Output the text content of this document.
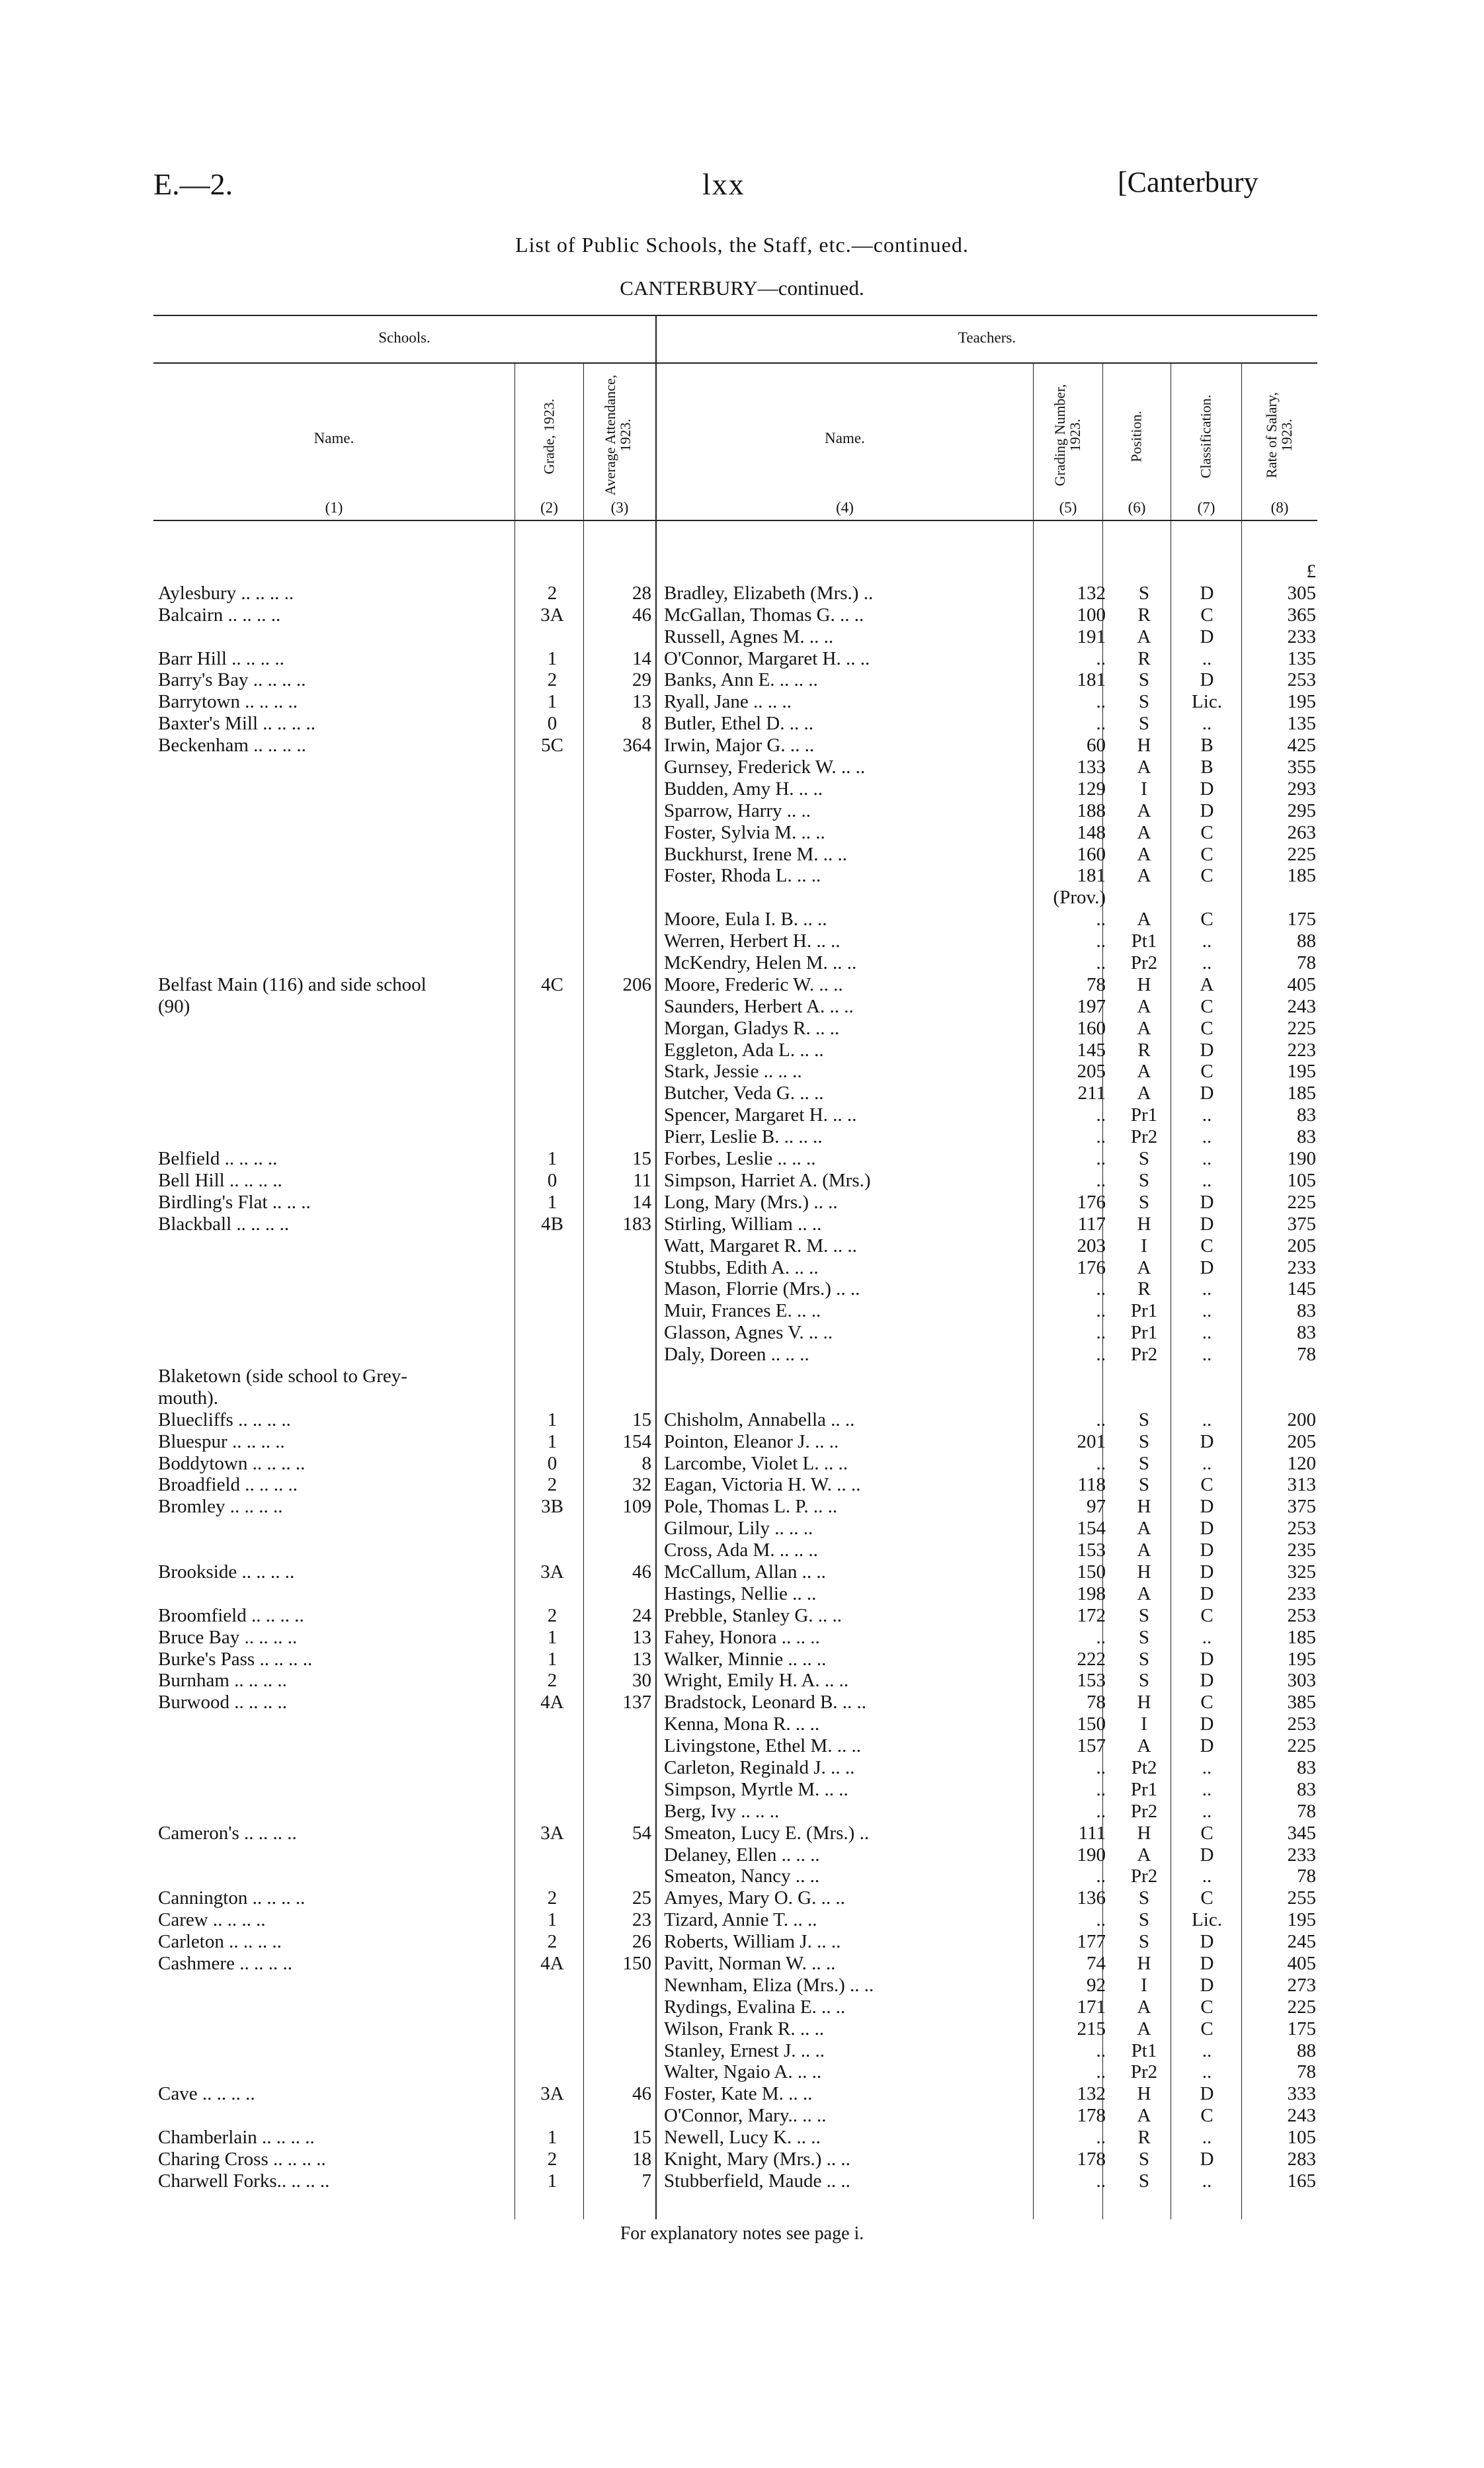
E.—2.	lxx	[Canterbury
List of Public Schools, the Staff, etc.—continued.
CANTERBURY—continued.
Schools.	Teachers.
Name.	Grade, 1923.	Average Attendance, 1923.	Name.	Grading Number, 1923.	Position.	Classification.	Rate of Salary, 1923.
(1)	(2)	(3)	(4)	(5)	(6)	(7)	(8)
£
Aylesbury .. .. .. ..	2	28 Bradley, Elizabeth (Mrs.) ..	132	S	D	305
Balcairn .. .. .. ..	3A	46 McGallan, Thomas G. .. ..	100	R	C	365
Russell, Agnes M. .. ..	191	A	D	233
Barr Hill .. .. .. ..	1	14 O'Connor, Margaret H. .. ..	..	R	..	135
Barry's Bay .. .. .. ..	2	29 Banks, Ann E. .. .. ..	181	S	D	253
Barrytown .. .. .. ..	1	13 Ryall, Jane .. .. ..	..	S	Lic.	195
Baxter's Mill .. .. .. ..	0	8 Butler, Ethel D. .. ..	..	S	..	135
Beckenham .. .. .. ..	5C	364 Irwin, Major G. .. ..	60	H	B	425
Gurnsey, Frederick W. .. ..	133	A	B	355
Budden, Amy H. .. ..	129	I	D	293
Sparrow, Harry .. ..	188	A	D	295
Foster, Sylvia M. .. ..	148	A	C	263
Buckhurst, Irene M. .. ..	160	A	C	225
Foster, Rhoda L. .. ..	181	A	C	185
(Prov.)
Moore, Eula I. B. .. ..	..	A	C	175
Werren, Herbert H. .. ..	..	Pt1	..	88
McKendry, Helen M. .. ..	..	Pr2	..	78
Belfast Main (116) and side school	4C	206 Moore, Frederic W. .. ..	78	H	A	405
(90)	Saunders, Herbert A. .. ..	197	A	C	243
Morgan, Gladys R. .. ..	160	A	C	225
Eggleton, Ada L. .. ..	145	R	D	223
Stark, Jessie .. .. ..	205	A	C	195
Butcher, Veda G. .. ..	211	A	D	185
Spencer, Margaret H. .. ..	..	Pr1	..	83
Pierr, Leslie B. .. .. ..	..	Pr2	..	83
Belfield .. .. .. ..	1	15 Forbes, Leslie .. .. ..	..	S	..	190
Bell Hill .. .. .. ..	0	11 Simpson, Harriet A. (Mrs.)	..	S	..	105
Birdling's Flat .. .. ..	1	14 Long, Mary (Mrs.) .. ..	176	S	D	225
Blackball .. .. .. ..	4B	183 Stirling, William .. ..	117	H	D	375
Watt, Margaret R. M. .. ..	203	I	C	205
Stubbs, Edith A. .. ..	176	A	D	233
Mason, Florrie (Mrs.) .. ..	..	R	..	145
Muir, Frances E. .. ..	..	Pr1	..	83
Glasson, Agnes V. .. ..	..	Pr1	..	83
Daly, Doreen .. .. ..	..	Pr2	..	78
Blaketown (side school to Grey-
mouth).
Bluecliffs .. .. .. ..	1	15 Chisholm, Annabella .. ..	..	S	..	200
Bluespur .. .. .. ..	1	154 Pointon, Eleanor J. .. ..	201	S	D	205
Boddytown .. .. .. ..	0	8 Larcombe, Violet L. .. ..	..	S	..	120
Broadfield .. .. .. ..	2	32 Eagan, Victoria H. W. .. ..	118	S	C	313
Bromley .. .. .. ..	3B	109 Pole, Thomas L. P. .. ..	97	H	D	375
Gilmour, Lily .. .. ..	154	A	D	253
Cross, Ada M. .. .. ..	153	A	D	235
Brookside .. .. .. ..	3A	46 McCallum, Allan .. ..	150	H	D	325
Hastings, Nellie .. ..	198	A	D	233
Broomfield .. .. .. ..	2	24 Prebble, Stanley G. .. ..	172	S	C	253
Bruce Bay .. .. .. ..	1	13 Fahey, Honora .. .. ..	..	S	..	185
Burke's Pass .. .. .. ..	1	13 Walker, Minnie .. .. ..	222	S	D	195
Burnham .. .. .. ..	2	30 Wright, Emily H. A. .. ..	153	S	D	303
Burwood .. .. .. ..	4A	137 Bradstock, Leonard B. .. ..	78	H	C	385
Kenna, Mona R. .. ..	150	I	D	253
Livingstone, Ethel M. .. ..	157	A	D	225
Carleton, Reginald J. .. ..	..	Pt2	..	83
Simpson, Myrtle M. .. ..	..	Pr1	..	83
Berg, Ivy .. .. ..	..	Pr2	..	78
Cameron's .. .. .. ..	3A	54 Smeaton, Lucy E. (Mrs.) ..	111	H	C	345
Delaney, Ellen .. .. ..	190	A	D	233
Smeaton, Nancy .. ..	..	Pr2	..	78
Cannington .. .. .. ..	2	25 Amyes, Mary O. G. .. ..	136	S	C	255
Carew .. .. .. ..	1	23 Tizard, Annie T. .. ..	..	S	Lic.	195
Carleton .. .. .. ..	2	26 Roberts, William J. .. ..	177	S	D	245
Cashmere .. .. .. ..	4A	150 Pavitt, Norman W. .. ..	74	H	D	405
Newnham, Eliza (Mrs.) .. ..	92	I	D	273
Rydings, Evalina E. .. ..	171	A	C	225
Wilson, Frank R. .. ..	215	A	C	175
Stanley, Ernest J. .. ..	..	Pt1	..	88
Walter, Ngaio A. .. ..	..	Pr2	..	78
Cave .. .. .. ..	3A	46 Foster, Kate M. .. ..	132	H	D	333
O'Connor, Mary.. .. ..	178	A	C	243
Chamberlain .. .. .. ..	1	15 Newell, Lucy K. .. ..	..	R	..	105
Charing Cross .. .. .. ..	2	18 Knight, Mary (Mrs.) .. ..	178	S	D	283
Charwell Forks.. .. .. ..	1	7 Stubberfield, Maude .. ..	..	S	..	165
For explanatory notes see page i.
